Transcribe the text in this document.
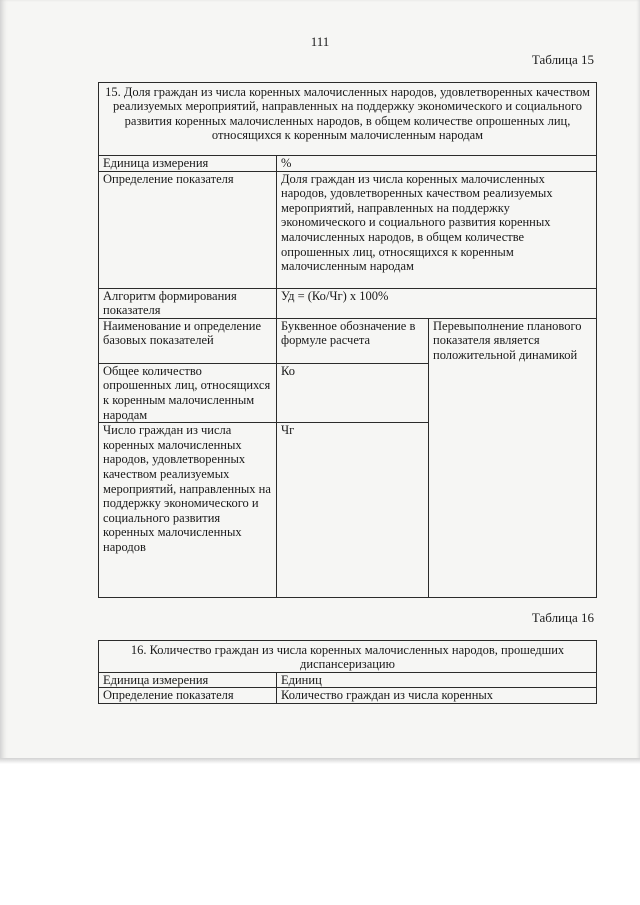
111
Таблица 15
15. Доля граждан из числа коренных малочисленных народов, удовлетворенных качеством реализуемых мероприятий, направленных на поддержку экономического и социального развития коренных малочисленных народов, в общем количестве опрошенных лиц, относящихся к коренным малочисленным народам		
Единица измерения	%	
Определение показателя	Доля граждан из числа коренных малочисленных народов, удовлетворенных качеством реализуемых мероприятий, направленных на поддержку экономического и социального развития коренных малочисленных народов, в общем количестве опрошенных лиц, относящихся к коренным малочисленным народам	
Алгоритм формирования показателя	Уд = (Ко/Чг) х 100%	
Наименование и определение базовых показателей	Буквенное обозначение в формуле расчета	Перевыполнение планового показателя является положительной динамикой
Общее количество опрошенных лиц, относящихся к коренным малочисленным народам	Ко	
Число граждан из числа коренных малочисленных народов, удовлетворенных качеством реализуемых мероприятий, направленных на поддержку экономического и социального развития коренных малочисленных народов	Чг	
Таблица 16
16. Количество граждан из числа коренных малочисленных народов, прошедших диспансеризацию	
Единица измерения	Единиц
Определение показателя	Количество граждан из числа коренных
